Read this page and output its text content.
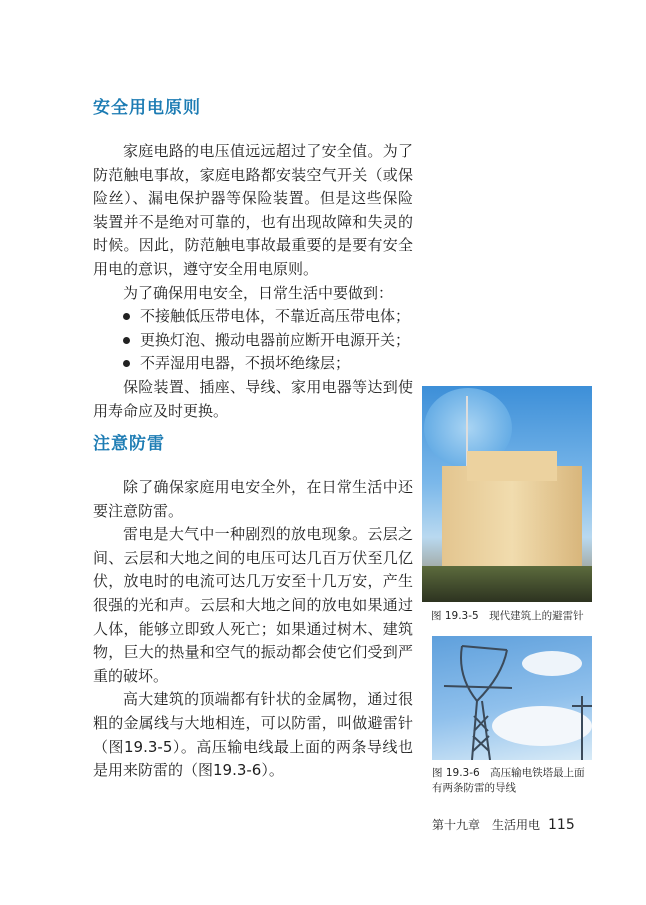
安全用电原则

家庭电路的电压值远远超过了安全值。为了防范触电事故，家庭电路都安装空气开关（或保险丝）、漏电保护器等保险装置。但是这些保险装置并不是绝对可靠的，也有出现故障和失灵的时候。因此，防范触电事故最重要的是要有安全用电的意识，遵守安全用电原则。

为了确保用电安全，日常生活中要做到：

不接触低压带电体，不靠近高压带电体；

更换灯泡、搬动电器前应断开电源开关；

不弄湿用电器，不损坏绝缘层；

保险装置、插座、导线、家用电器等达到使用寿命应及时更换。

注意防雷

除了确保家庭用电安全外，在日常生活中还要注意防雷。

雷电是大气中一种剧烈的放电现象。云层之间、云层和大地之间的电压可达几百万伏至几亿伏，放电时的电流可达几万安至十几万安，产生很强的光和声。云层和大地之间的放电如果通过人体，能够立即致人死亡；如果通过树木、建筑物，巨大的热量和空气的振动都会使它们受到严重的破坏。

高大建筑的顶端都有针状的金属物，通过很粗的金属线与大地相连，可以防雷，叫做避雷针（图19.3-5）。高压输电线最上面的两条导线也是用来防雷的（图19.3-6）。

图 19.3-5　现代建筑上的避雷针
图 19.3-6　高压输电铁塔最上面有两条防雷的导线
第十九章　生活用电 115
